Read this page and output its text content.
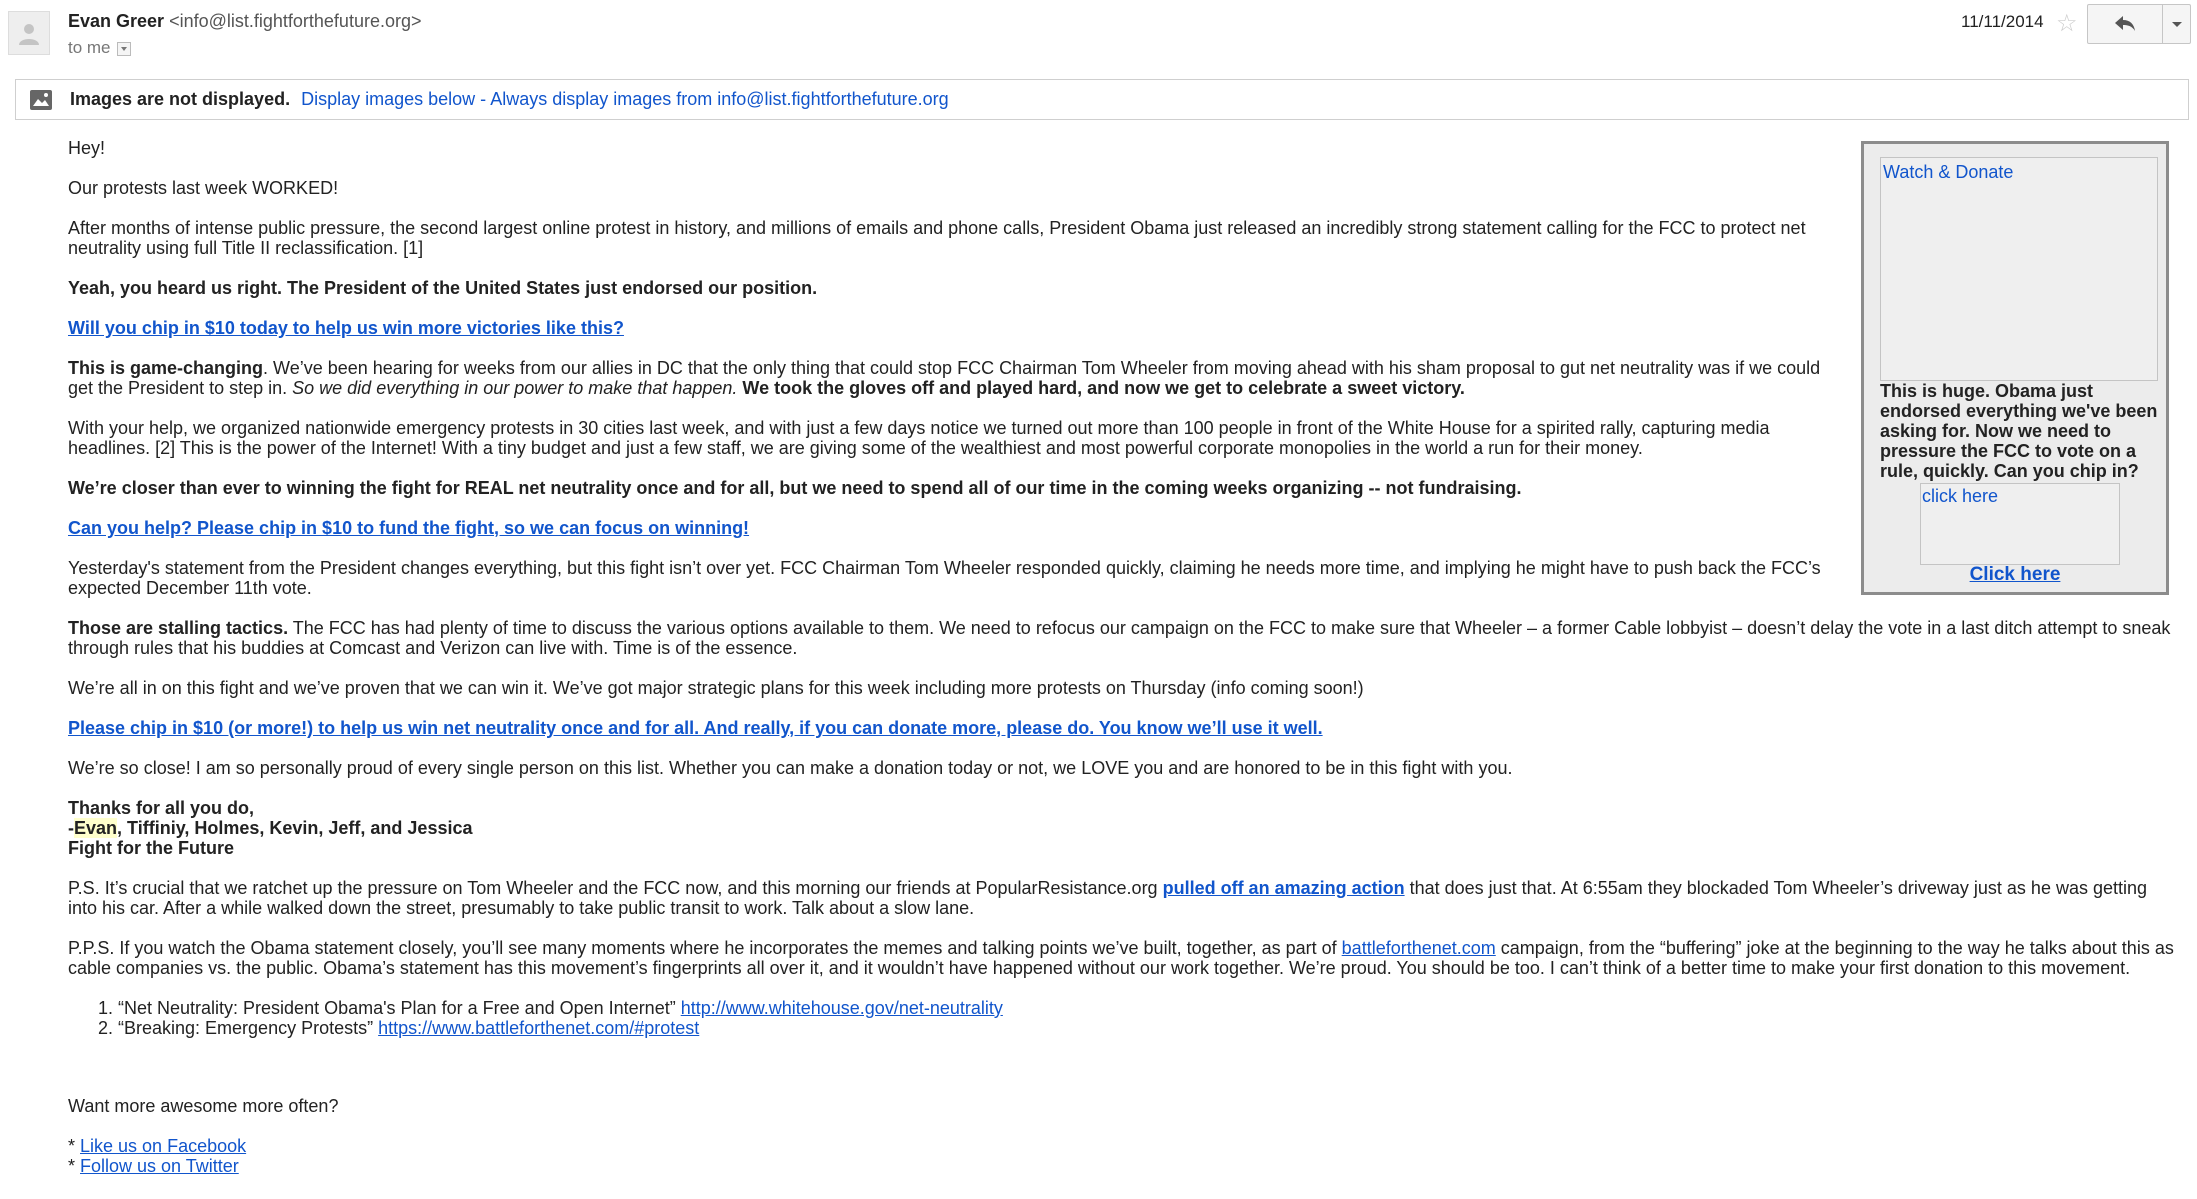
Evan Greer <info@list.fightforthefuture.org>
to me
11/11/2014 ☆
Images are not displayed. Display images below - Always display images from info@list.fightforthefuture.org
Watch & Donate
This is huge. Obama just endorsed everything we've been asking for. Now we need to pressure the FCC to vote on a rule, quickly. Can you chip in?
click here
Click here

Hey!

Our protests last week WORKED!

After months of intense public pressure, the second largest online protest in history, and millions of emails and phone calls, President Obama just released an incredibly strong statement calling for the FCC to protect net neutrality using full Title II reclassification. [1]

Yeah, you heard us right. The President of the United States just endorsed our position.

Will you chip in $10 today to help us win more victories like this?

This is game-changing. We’ve been hearing for weeks from our allies in DC that the only thing that could stop FCC Chairman Tom Wheeler from moving ahead with his sham proposal to gut net neutrality was if we could get the President to step in. So we did everything in our power to make that happen. We took the gloves off and played hard, and now we get to celebrate a sweet victory.

With your help, we organized nationwide emergency protests in 30 cities last week, and with just a few days notice we turned out more than 100 people in front of the White House for a spirited rally, capturing media headlines. [2] This is the power of the Internet! With a tiny budget and just a few staff, we are giving some of the wealthiest and most powerful corporate monopolies in the world a run for their money.

We’re closer than ever to winning the fight for REAL net neutrality once and for all, but we need to spend all of our time in the coming weeks organizing -- not fundraising.

Can you help? Please chip in $10 to fund the fight, so we can focus on winning!

Yesterday's statement from the President changes everything, but this fight isn’t over yet. FCC Chairman Tom Wheeler responded quickly, claiming he needs more time, and implying he might have to push back the FCC’s expected December 11th vote.

Those are stalling tactics. The FCC has had plenty of time to discuss the various options available to them. We need to refocus our campaign on the FCC to make sure that Wheeler – a former Cable lobbyist – doesn’t delay the vote in a last ditch attempt to sneak through rules that his buddies at Comcast and Verizon can live with. Time is of the essence.

We’re all in on this fight and we’ve proven that we can win it. We’ve got major strategic plans for this week including more protests on Thursday (info coming soon!)

Please chip in $10 (or more!) to help us win net neutrality once and for all. And really, if you can donate more, please do. You know we’ll use it well.

We’re so close! I am so personally proud of every single person on this list. Whether you can make a donation today or not, we LOVE you and are honored to be in this fight with you.

Thanks for all you do,
-Evan, Tiffiniy, Holmes, Kevin, Jeff, and Jessica
Fight for the Future

P.S. It’s crucial that we ratchet up the pressure on Tom Wheeler and the FCC now, and this morning our friends at PopularResistance.org pulled off an amazing action that does just that. At 6:55am they blockaded Tom Wheeler’s driveway just as he was getting into his car. After a while walked down the street, presumably to take public transit to work. Talk about a slow lane.

P.P.S. If you watch the Obama statement closely, you’ll see many moments where he incorporates the memes and talking points we’ve built, together, as part of battleforthenet.com campaign, from the “buffering” joke at the beginning to the way he talks about this as cable companies vs. the public. Obama’s statement has this movement’s fingerprints all over it, and it wouldn’t have happened without our work together. We’re proud. You should be too. I can’t think of a better time to make your first donation to this movement.

1. “Net Neutrality: President Obama's Plan for a Free and Open Internet” http://www.whitehouse.gov/net-neutrality
2. “Breaking: Emergency Protests” https://www.battleforthenet.com/#protest

Want more awesome more often?

* Like us on Facebook
* Follow us on Twitter
